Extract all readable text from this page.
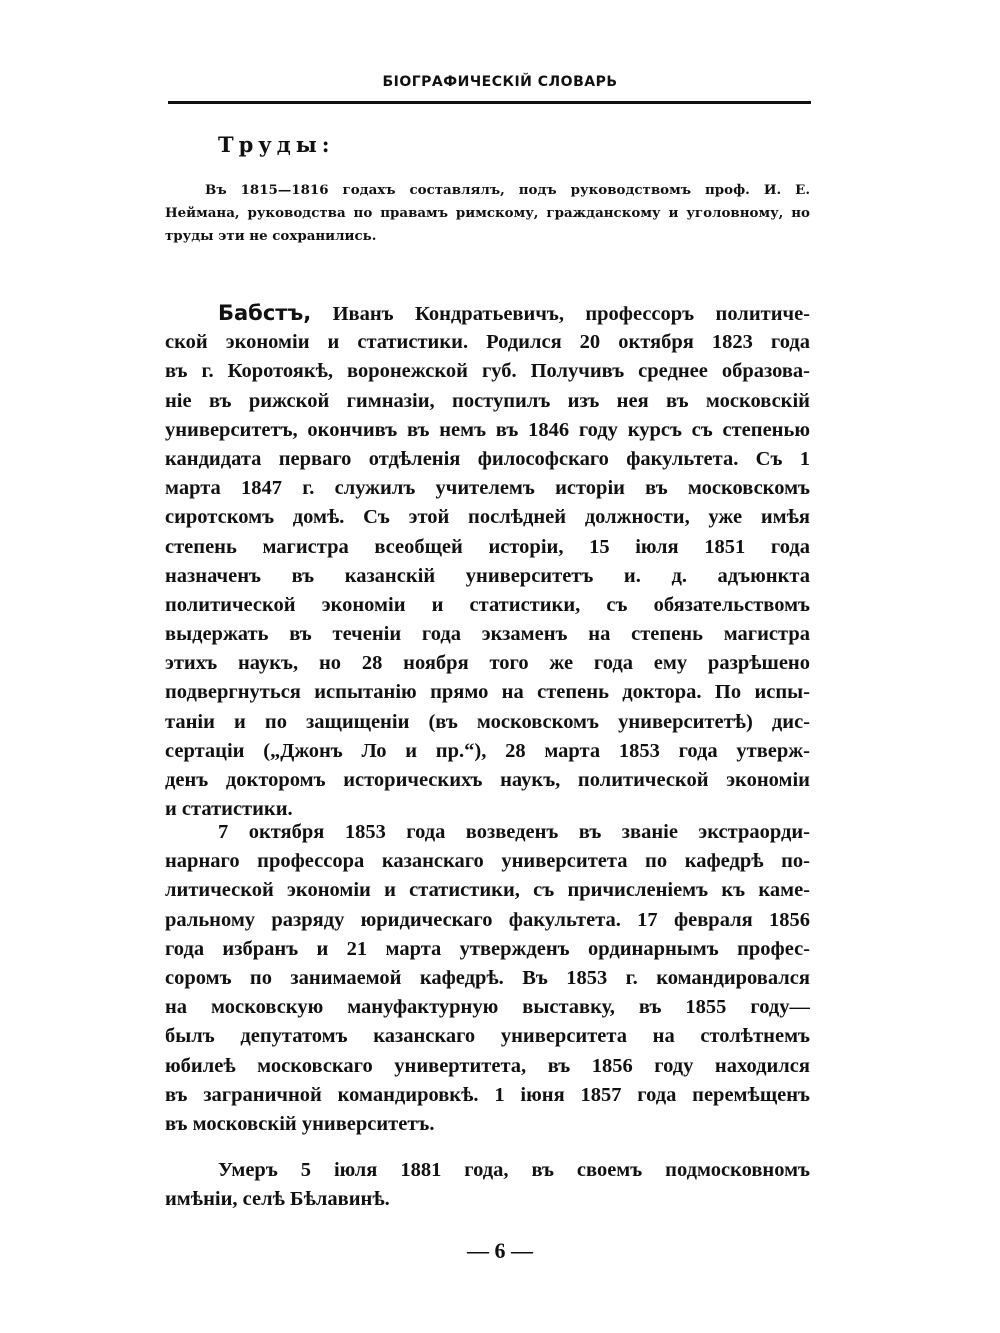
БІОГРАФИЧЕСКІЙ СЛОВАРЬ
Труды:
Въ 1815—1816 годахъ составлялъ, подъ руководствомъ проф. И. Е.
Неймана, руководства по правамъ римскому, гражданскому и уголовному, но
труды эти не сохранились.
Бабстъ, Иванъ Кондратьевичъ, профессоръ политиче-
ской экономіи и статистики. Родился 20 октября 1823 года
въ г. Коротоякѣ, воронежской губ. Получивъ среднее образова-
ніе въ рижской гимназіи, поступилъ изъ нея въ московскій
университетъ, окончивъ въ немъ въ 1846 году курсъ съ степенью
кандидата перваго отдѣленія философскаго факультета. Съ 1
марта 1847 г. служилъ учителемъ исторіи въ московскомъ
сиротскомъ домѣ. Съ этой послѣдней должности, уже имѣя
степень магистра всеобщей исторіи, 15 іюля 1851 года
назначенъ въ казанскій университетъ и. д. адъюнкта
политической экономіи и статистики, съ обязательствомъ
выдержать въ теченіи года экзаменъ на степень магистра
этихъ наукъ, но 28 ноября того же года ему разрѣшено
подвергнуться испытанію прямо на степень доктора. По испы-
таніи и по защищеніи (въ московскомъ университетѣ) дис-
сертаціи („Джонъ Ло и пр.“), 28 марта 1853 года утверж-
денъ докторомъ историческихъ наукъ, политической экономіи
и статистики.
7 октября 1853 года возведенъ въ званіе экстраорди-
нарнаго профессора казанскаго университета по кафедрѣ по-
литической экономіи и статистики, съ причисленіемъ къ каме-
ральному разряду юридическаго факультета. 17 февраля 1856
года избранъ и 21 марта утвержденъ ординарнымъ профес-
соромъ по занимаемой кафедрѣ. Въ 1853 г. командировался
на московскую мануфактурную выставку, въ 1855 году—
былъ депутатомъ казанскаго университета на столѣтнемъ
юбилеѣ московскаго универтитета, въ 1856 году находился
въ заграничной командировкѣ. 1 іюня 1857 года перемѣщенъ
въ московскій университетъ.
Умеръ 5 іюля 1881 года, въ своемъ подмосковномъ
имѣніи, селѣ Бѣлавинѣ.
— 6 —
